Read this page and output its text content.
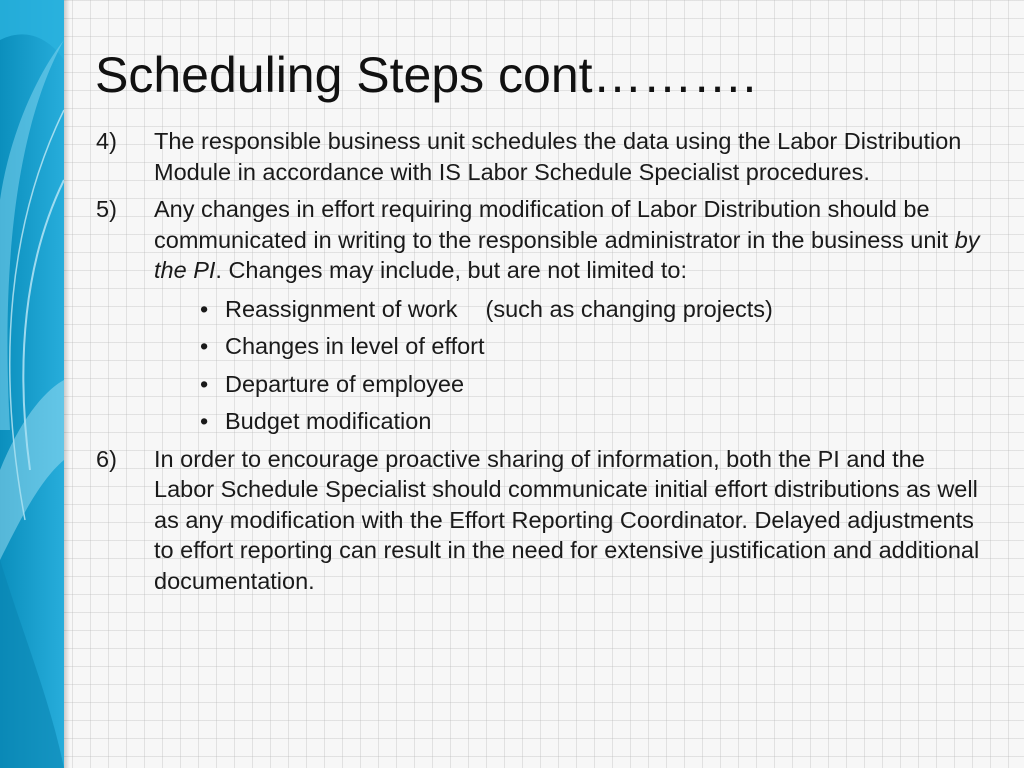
Scheduling Steps cont……….
4) The responsible business unit schedules the data using the Labor Distribution Module in accordance with IS Labor Schedule Specialist procedures.
5) Any changes in effort requiring modification of Labor Distribution should be communicated in writing to the responsible administrator in the business unit by the PI. Changes may include, but are not limited to:
• Reassignment of work (such as changing projects)
• Changes in level of effort
• Departure of employee
• Budget modification
6) In order to encourage proactive sharing of information, both the PI and the Labor Schedule Specialist should communicate initial effort distributions as well as any modification with the Effort Reporting Coordinator. Delayed adjustments to effort reporting can result in the need for extensive justification and additional documentation.
